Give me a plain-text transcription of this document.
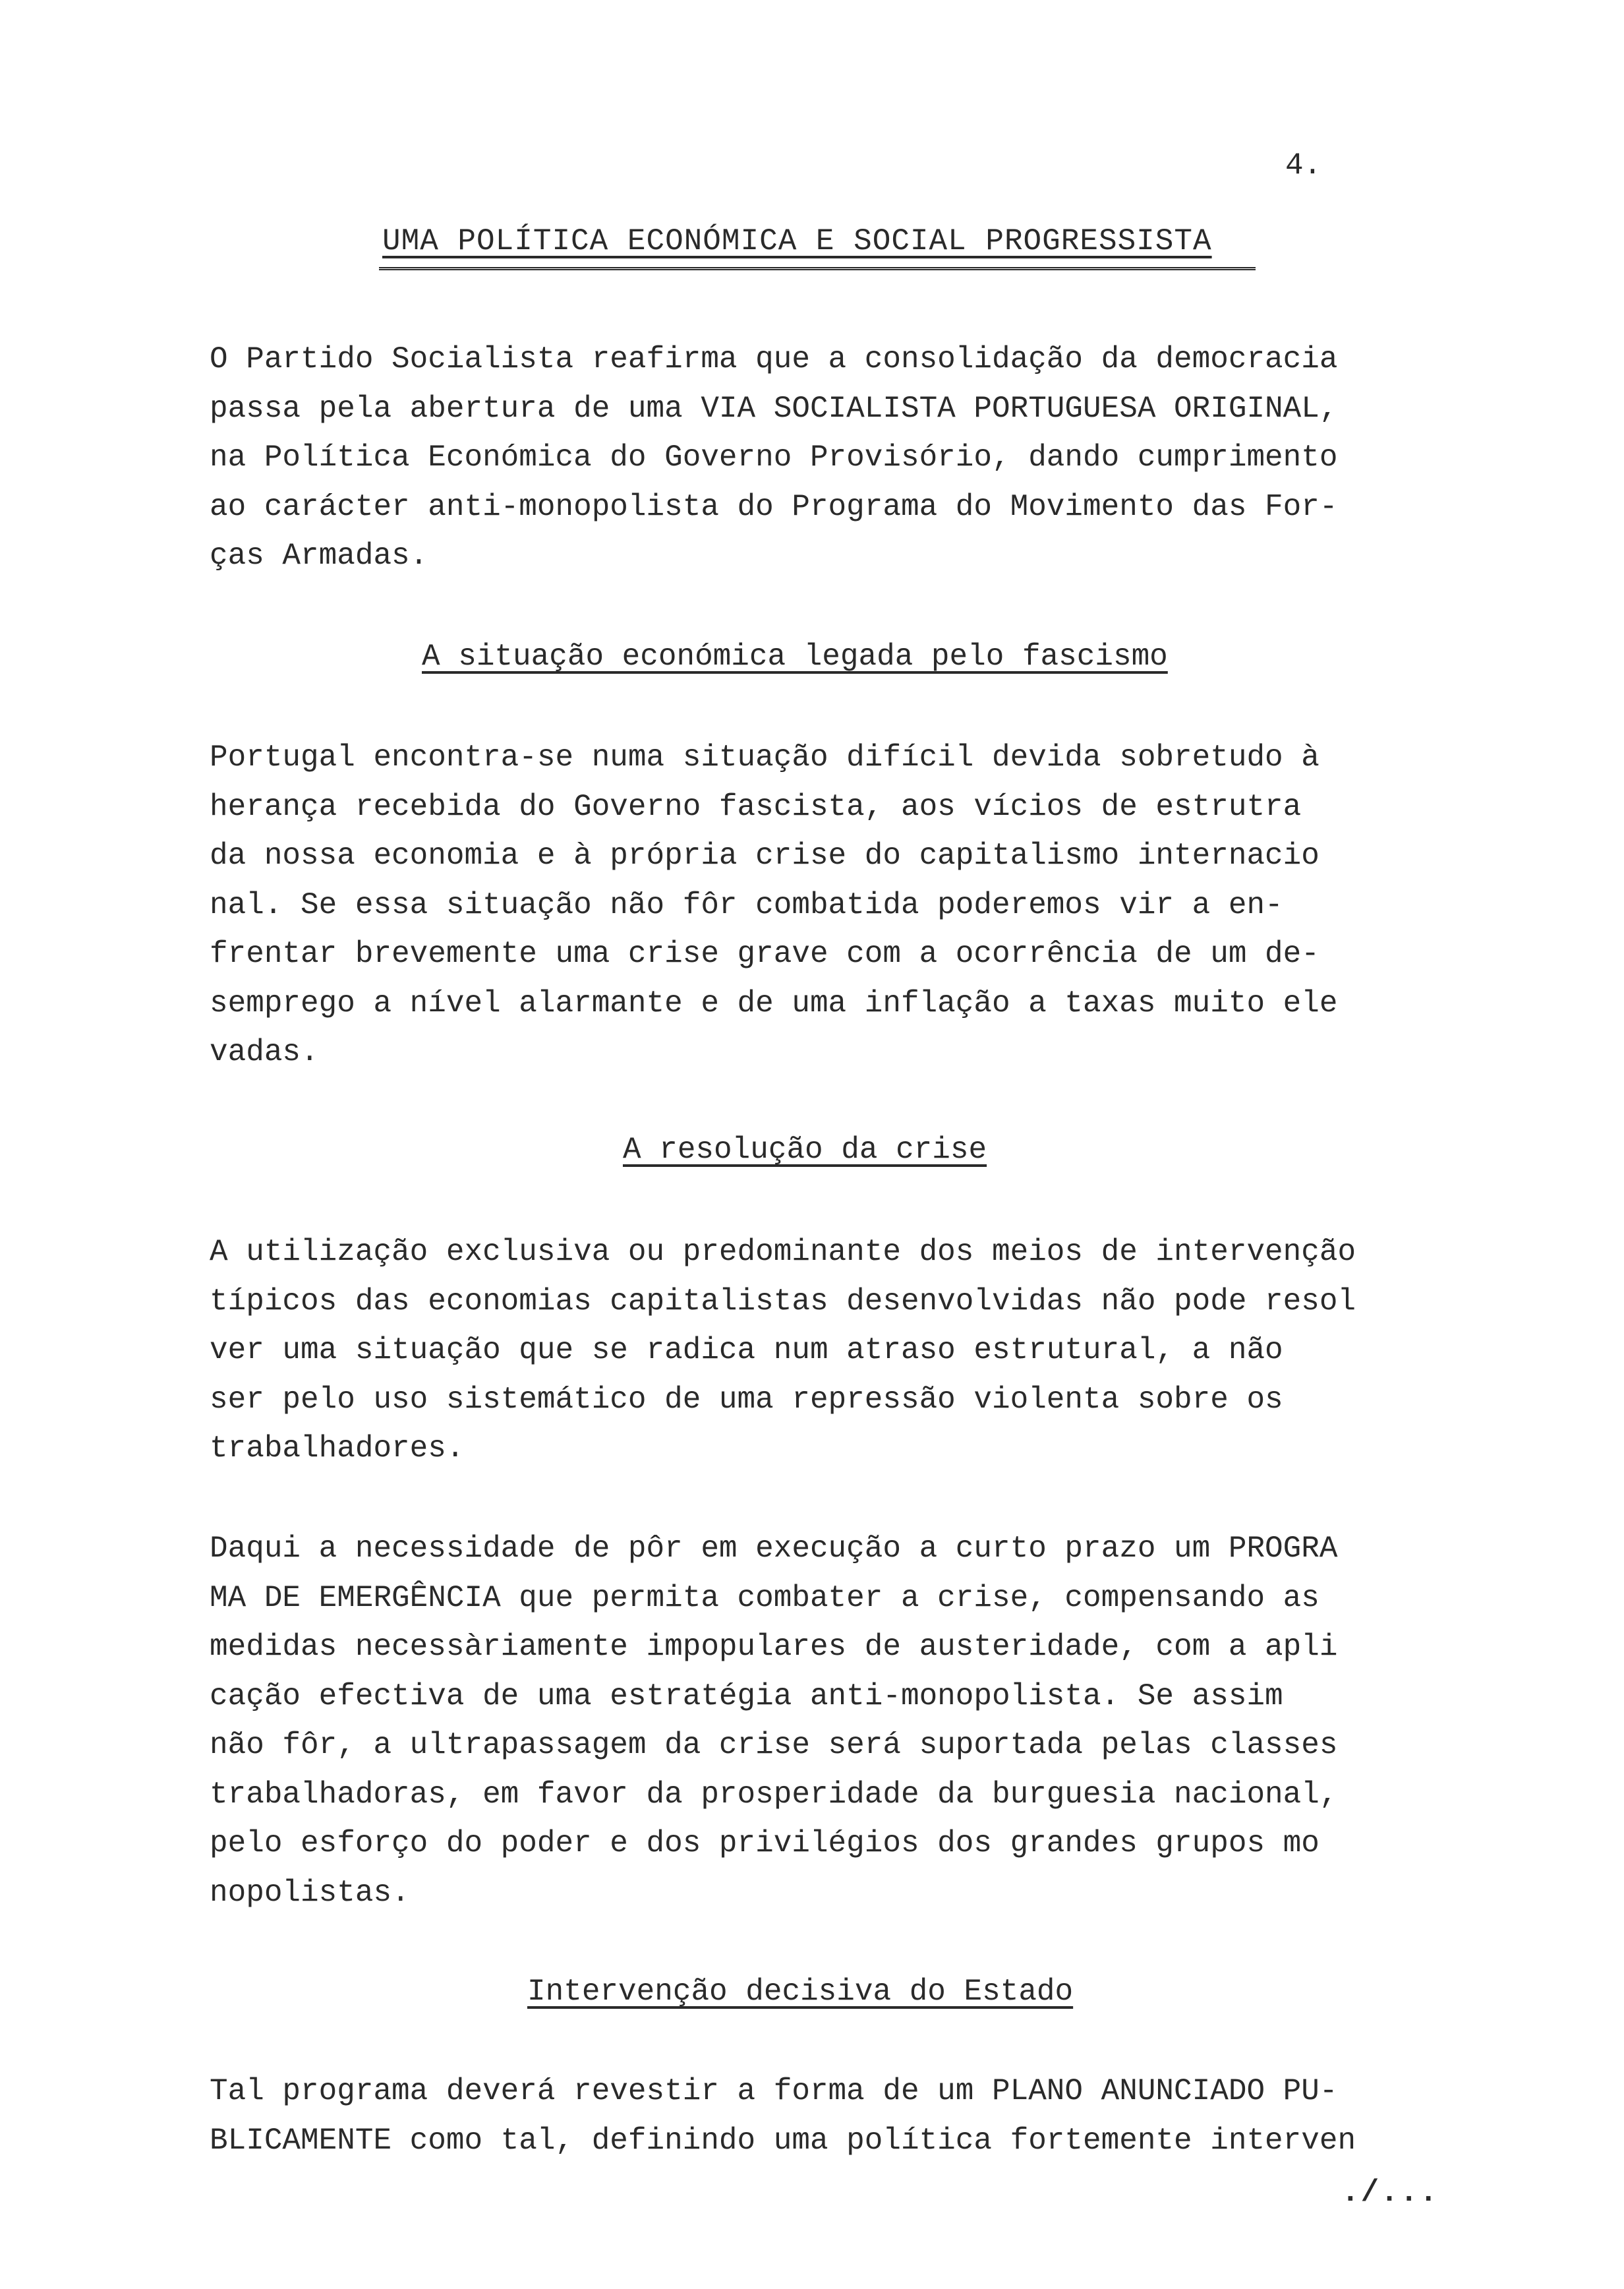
4.
UMA POLÍTICA ECONÓMICA E SOCIAL PROGRESSISTA

O Partido Socialista reafirma que a consolidação da democracia
passa pela abertura de uma VIA SOCIALISTA PORTUGUESA ORIGINAL,
na Política Económica do Governo Provisório, dando cumprimento
ao carácter anti-monopolista do Programa do Movimento das For-
ças Armadas.

A situação económica legada pelo fascismo

Portugal encontra-se numa situação difícil devida sobretudo à
herança recebida do Governo fascista, aos vícios de estrutra
da nossa economia e à própria crise do capitalismo internacio
nal. Se essa situação não fôr combatida poderemos vir a en-
frentar brevemente uma crise grave com a ocorrência de um de-
semprego a nível alarmante e de uma inflação a taxas muito ele
vadas.

A resolução da crise

A utilização exclusiva ou predominante dos meios de intervenção
típicos das economias capitalistas desenvolvidas não pode resol
ver uma situação que se radica num atraso estrutural, a não
ser pelo uso sistemático de uma repressão violenta sobre os
trabalhadores.

Daqui a necessidade de pôr em execução a curto prazo um PROGRA
MA DE EMERGÊNCIA que permita combater a crise, compensando as
medidas necessàriamente impopulares de austeridade, com a apli
cação efectiva de uma estratégia anti-monopolista. Se assim
não fôr, a ultrapassagem da crise será suportada pelas classes
trabalhadoras, em favor da prosperidade da burguesia nacional,
pelo esforço do poder e dos privilégios dos grandes grupos mo
nopolistas.

Intervenção decisiva do Estado

Tal programa deverá revestir a forma de um PLANO ANUNCIADO PU-
BLICAMENTE como tal, definindo uma política fortemente interven

./...
